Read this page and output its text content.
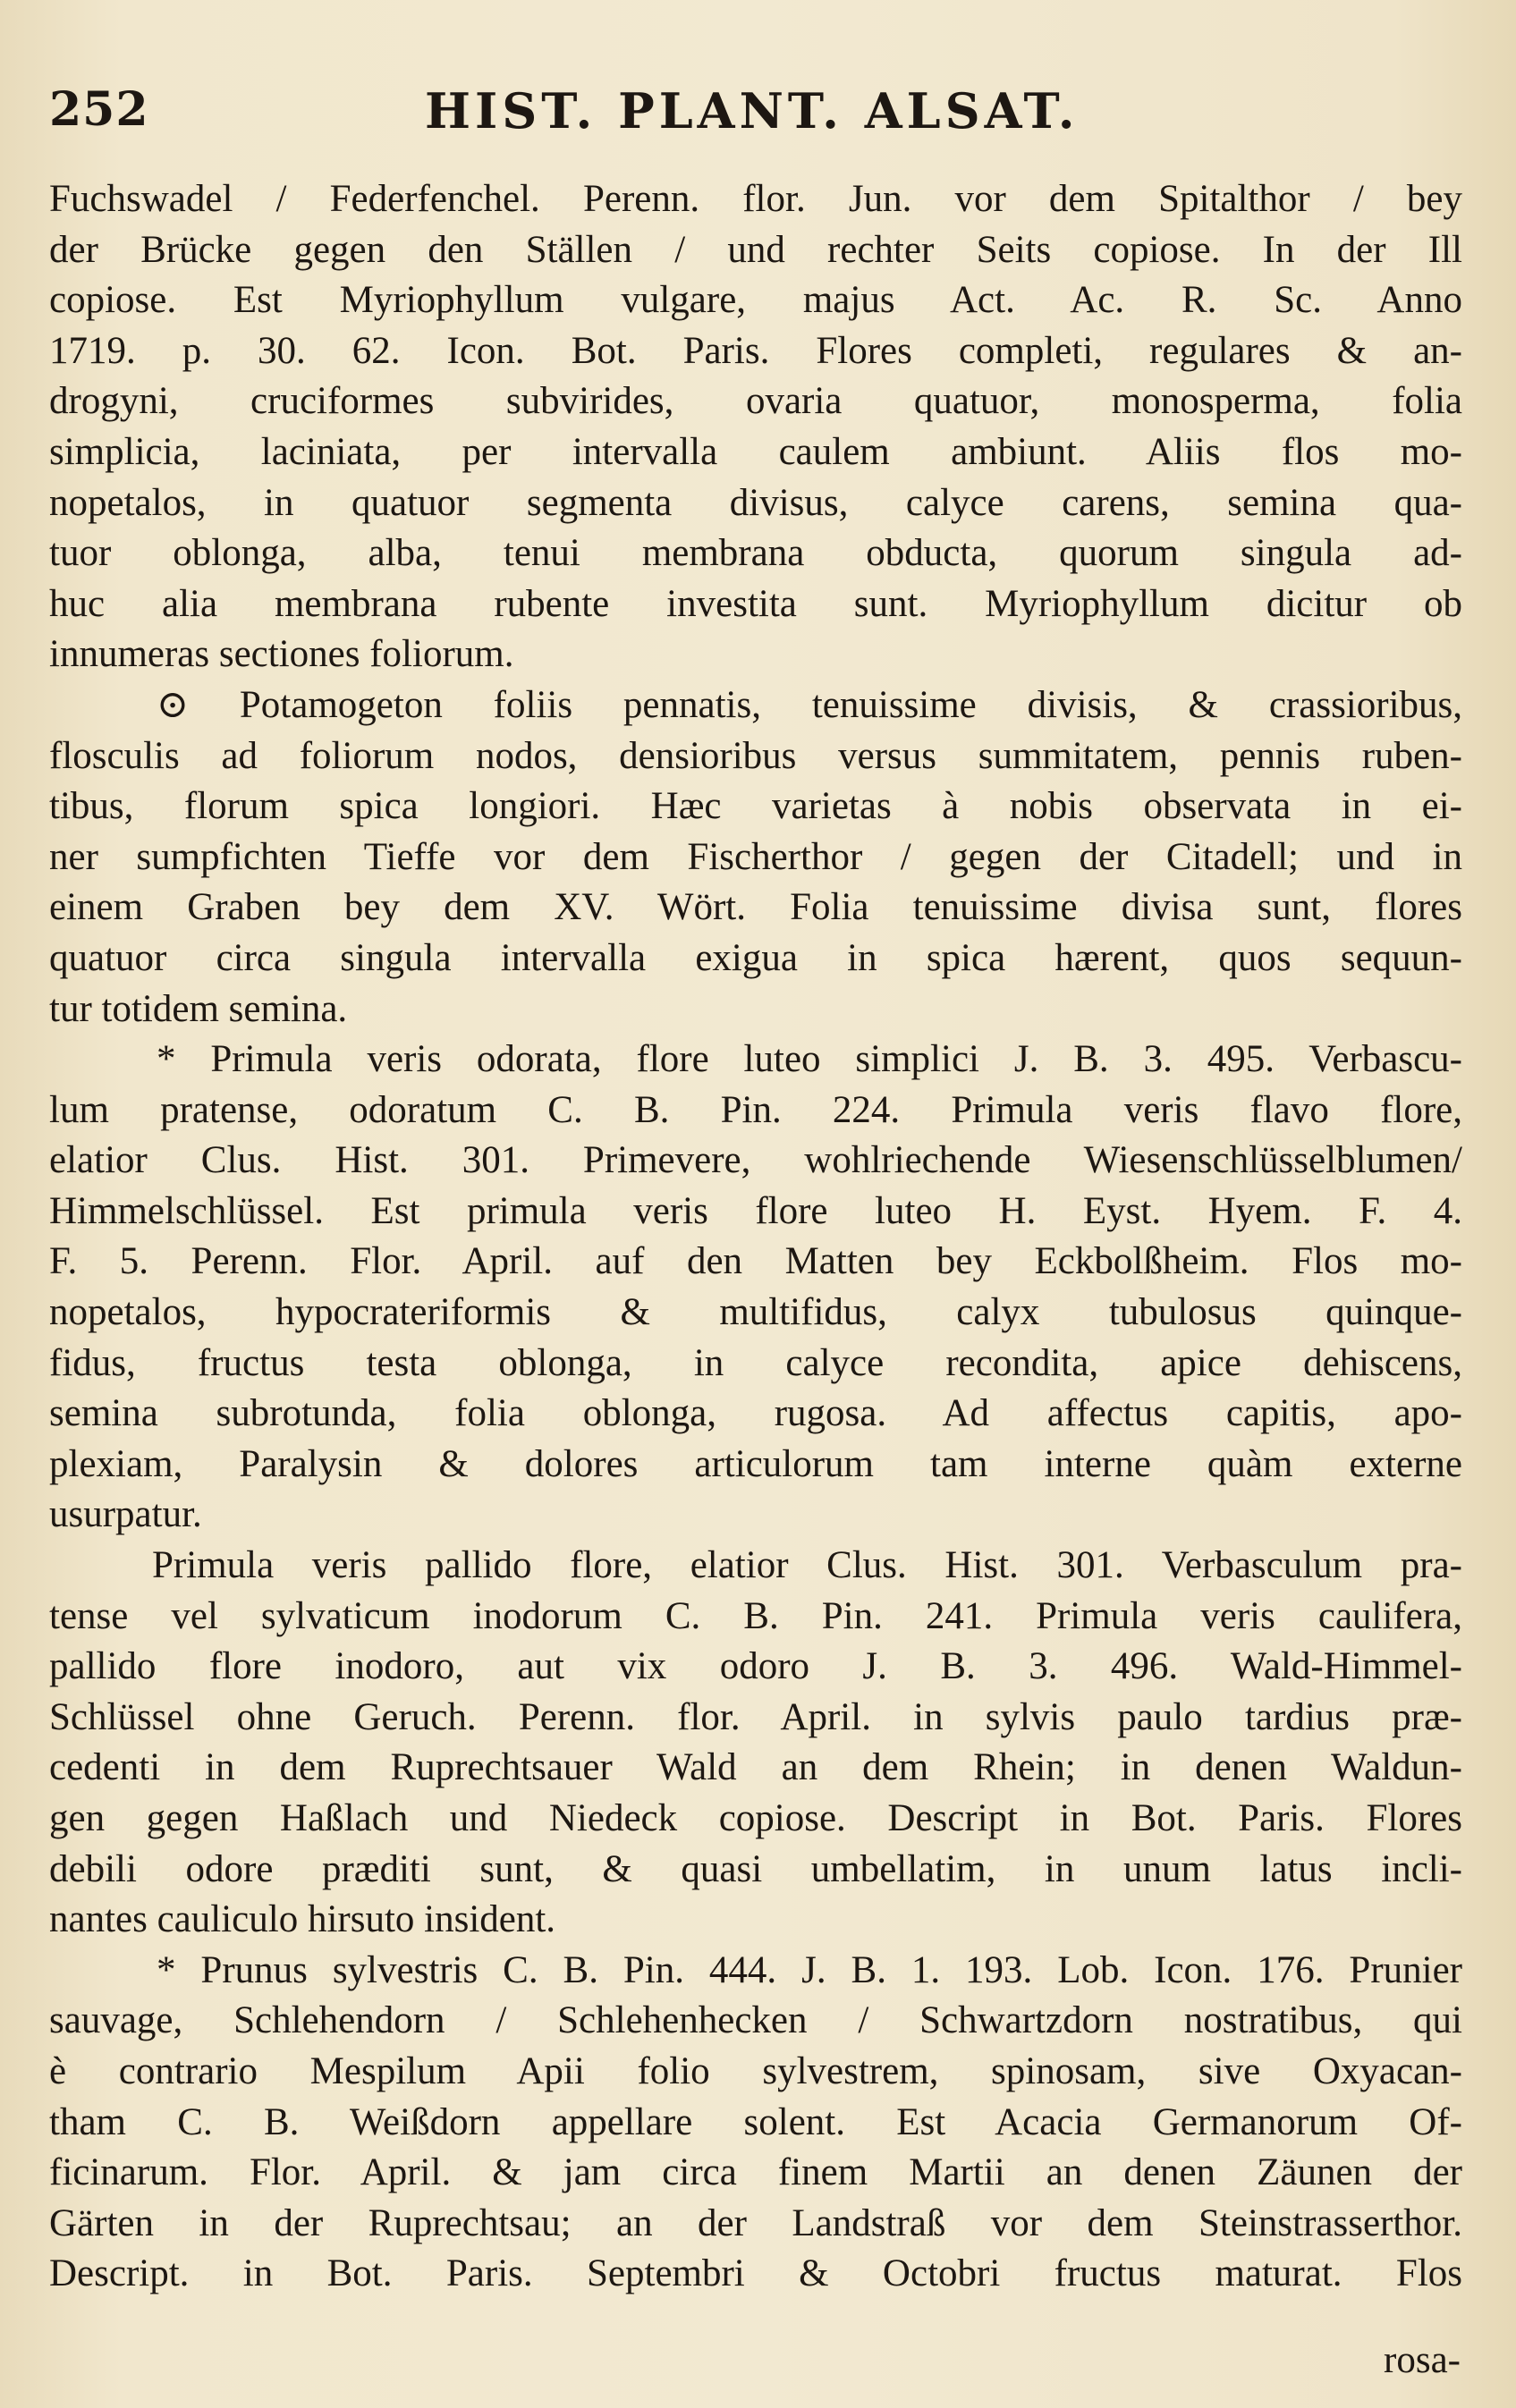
252	HIST. PLANT. ALSAT.
Fuchswadel / Federfenchel. Perenn. flor. Jun. vor dem Spitalthor / bey
der Brücke gegen den Ställen / und rechter Seits copiose. In der Ill
copiose. Est Myriophyllum vulgare, majus Act. Ac. R. Sc. Anno
1719. p. 30. 62. Icon. Bot. Paris. Flores completi, regulares & an-
drogyni, cruciformes subvirides, ovaria quatuor, monosperma, folia
simplicia, laciniata, per intervalla caulem ambiunt. Aliis flos mo-
nopetalos, in quatuor segmenta divisus, calyce carens, semina qua-
tuor oblonga, alba, tenui membrana obducta, quorum singula ad-
huc alia membrana rubente investita sunt. Myriophyllum dicitur ob
innumeras sectiones foliorum.
⊙ Potamogeton foliis pennatis, tenuissime divisis, & crassioribus,
flosculis ad foliorum nodos, densioribus versus summitatem, pennis ruben-
tibus, florum spica longiori. Hæc varietas à nobis observata in ei-
ner sumpfichten Tieffe vor dem Fischerthor / gegen der Citadell; und in
einem Graben bey dem XV. Wört. Folia tenuissime divisa sunt, flores
quatuor circa singula intervalla exigua in spica hærent, quos sequun-
tur totidem semina.
* Primula veris odorata, flore luteo simplici J. B. 3. 495. Verbascu-
lum pratense, odoratum C. B. Pin. 224. Primula veris flavo flore,
elatior Clus. Hist. 301. Primevere, wohlriechende Wiesenschlüsselblumen/
Himmelschlüssel. Est primula veris flore luteo H. Eyst. Hyem. F. 4.
F. 5. Perenn. Flor. April. auf den Matten bey Eckbolßheim. Flos mo-
nopetalos, hypocrateriformis & multifidus, calyx tubulosus quinque-
fidus, fructus testa oblonga, in calyce recondita, apice dehiscens,
semina subrotunda, folia oblonga, rugosa. Ad affectus capitis, apo-
plexiam, Paralysin & dolores articulorum tam interne quàm externe
usurpatur.
Primula veris pallido flore, elatior Clus. Hist. 301. Verbasculum pra-
tense vel sylvaticum inodorum C. B. Pin. 241. Primula veris caulifera,
pallido flore inodoro, aut vix odoro J. B. 3. 496. Wald-Himmel-
Schlüssel ohne Geruch. Perenn. flor. April. in sylvis paulo tardius præ-
cedenti in dem Ruprechtsauer Wald an dem Rhein; in denen Waldun-
gen gegen Haßlach und Niedeck copiose. Descript in Bot. Paris. Flores
debili odore præditi sunt, & quasi umbellatim, in unum latus incli-
nantes cauliculo hirsuto insident.
* Prunus sylvestris C. B. Pin. 444. J. B. 1. 193. Lob. Icon. 176. Prunier
sauvage, Schlehendorn / Schlehenhecken / Schwartzdorn nostratibus, qui
è contrario Mespilum Apii folio sylvestrem, spinosam, sive Oxyacan-
tham C. B. Weißdorn appellare solent. Est Acacia Germanorum Of-
ficinarum. Flor. April. & jam circa finem Martii an denen Zäunen der
Gärten in der Ruprechtsau; an der Landstraß vor dem Steinstrasserthor.
Descript. in Bot. Paris. Septembri & Octobri fructus maturat. Flos
rosa-
